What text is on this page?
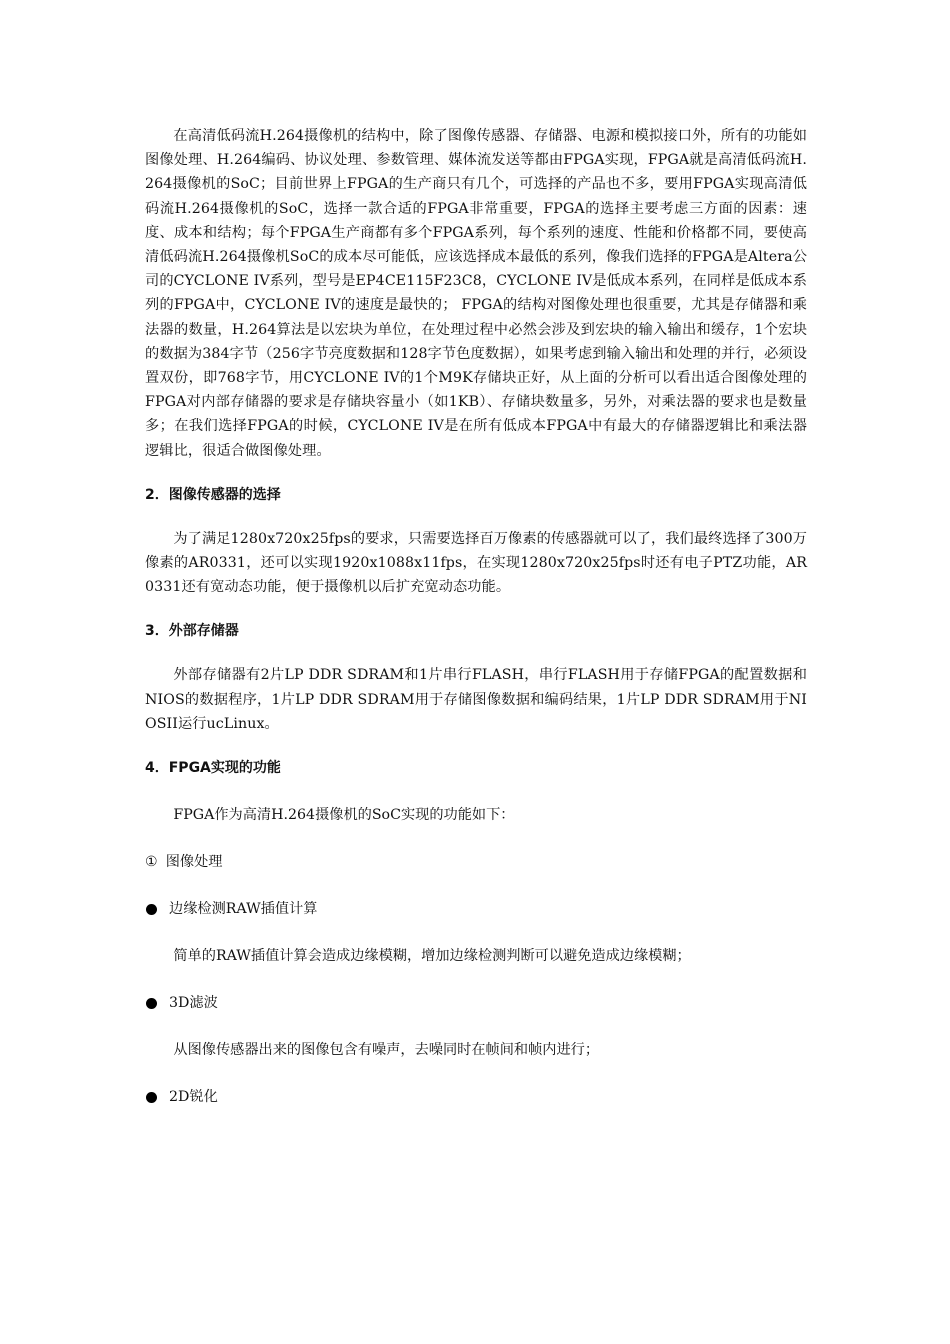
在高清低码流H.264摄像机的结构中，除了图像传感器、存储器、电源和模拟接口外，所有的功能如图像处理、H.264编码、协议处理、参数管理、媒体流发送等都由FPGA实现，FPGA就是高清低码流H.264摄像机的SoC；目前世界上FPGA的生产商只有几个，可选择的产品也不多，要用FPGA实现高清低码流H.264摄像机的SoC，选择一款合适的FPGA非常重要，FPGA的选择主要考虑三方面的因素：速度、成本和结构；每个FPGA生产商都有多个FPGA系列，每个系列的速度、性能和价格都不同，要使高清低码流H.264摄像机SoC的成本尽可能低，应该选择成本最低的系列，像我们选择的FPGA是Altera公司的CYCLONE IV系列，型号是EP4CE115F23C8，CYCLONE IV是低成本系列，在同样是低成本系列的FPGA中，CYCLONE IV的速度是最快的； FPGA的结构对图像处理也很重要，尤其是存储器和乘法器的数量，H.264算法是以宏块为单位，在处理过程中必然会涉及到宏块的输入输出和缓存，1个宏块的数据为384字节（256字节亮度数据和128字节色度数据），如果考虑到输入输出和处理的并行，必须设置双份，即768字节，用CYCLONE IV的1个M9K存储块正好，从上面的分析可以看出适合图像处理的FPGA对内部存储器的要求是存储块容量小（如1KB）、存储块数量多，另外，对乘法器的要求也是数量多；在我们选择FPGA的时候，CYCLONE IV是在所有低成本FPGA中有最大的存储器逻辑比和乘法器逻辑比，很适合做图像处理。

2．图像传感器的选择

为了满足1280x720x25fps的要求，只需要选择百万像素的传感器就可以了，我们最终选择了300万像素的AR0331，还可以实现1920x1088x11fps，在实现1280x720x25fps时还有电子PTZ功能，AR0331还有宽动态功能，便于摄像机以后扩充宽动态功能。

3．外部存储器

外部存储器有2片LP DDR SDRAM和1片串行FLASH，串行FLASH用于存储FPGA的配置数据和NIOS的数据程序，1片LP DDR SDRAM用于存储图像数据和编码结果，1片LP DDR SDRAM用于NIOSII运行ucLinux。

4．FPGA实现的功能

FPGA作为高清H.264摄像机的SoC实现的功能如下：

① 图像处理

边缘检测RAW插值计算

简单的RAW插值计算会造成边缘模糊，增加边缘检测判断可以避免造成边缘模糊；

3D滤波

从图像传感器出来的图像包含有噪声，去噪同时在帧间和帧内进行；

2D锐化
